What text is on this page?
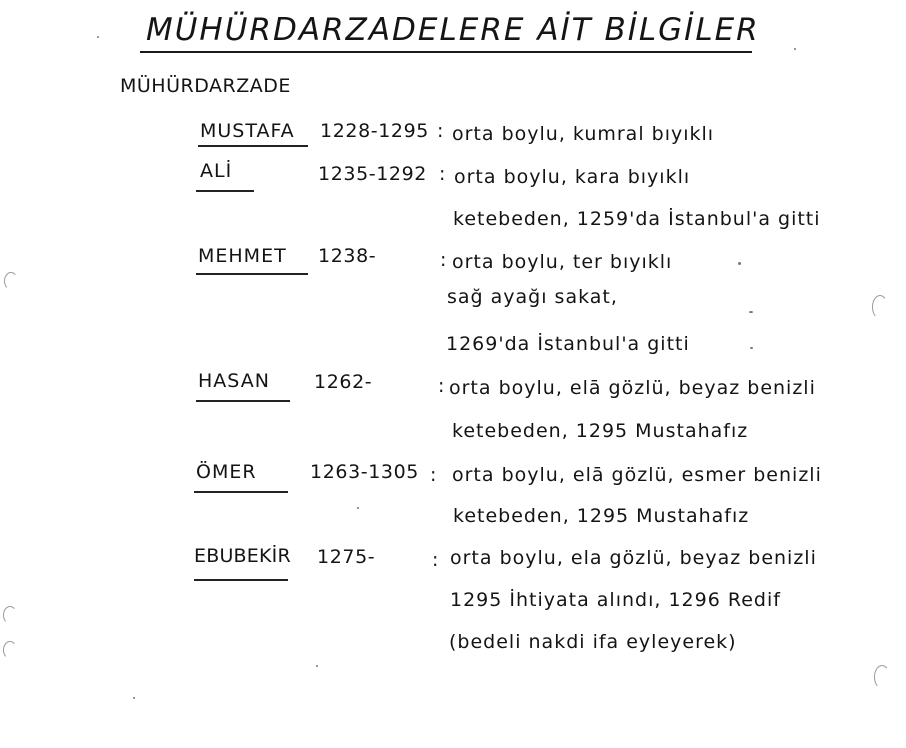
MÜHÜRDARZADELERE AİT BİLGİLER
MÜHÜRDARZADE
MUSTAFA 1228-1295 : orta boylu, kumral bıyıklı
ALİ	1235-1292 : orta boylu, kara bıyıklı
ketebeden, 1259'da İstanbul'a gitti
MEHMET 1238-	: orta boylu, ter bıyıklı
sağ ayağı sakat,
1269'da İstanbul'a gitti
HASAN 1262-	: orta boylu, elā gözlü, beyaz benizli
ketebeden, 1295 Mustahafız
ÖMER	1263-1305 : orta boylu, elā gözlü, esmer benizli
ketebeden, 1295 Mustahafız
EBUBEKİR 1275-	: orta boylu, ela gözlü, beyaz benizli
1295 İhtiyata alındı, 1296 Redif
(bedeli nakdi ifa eyleyerek)
